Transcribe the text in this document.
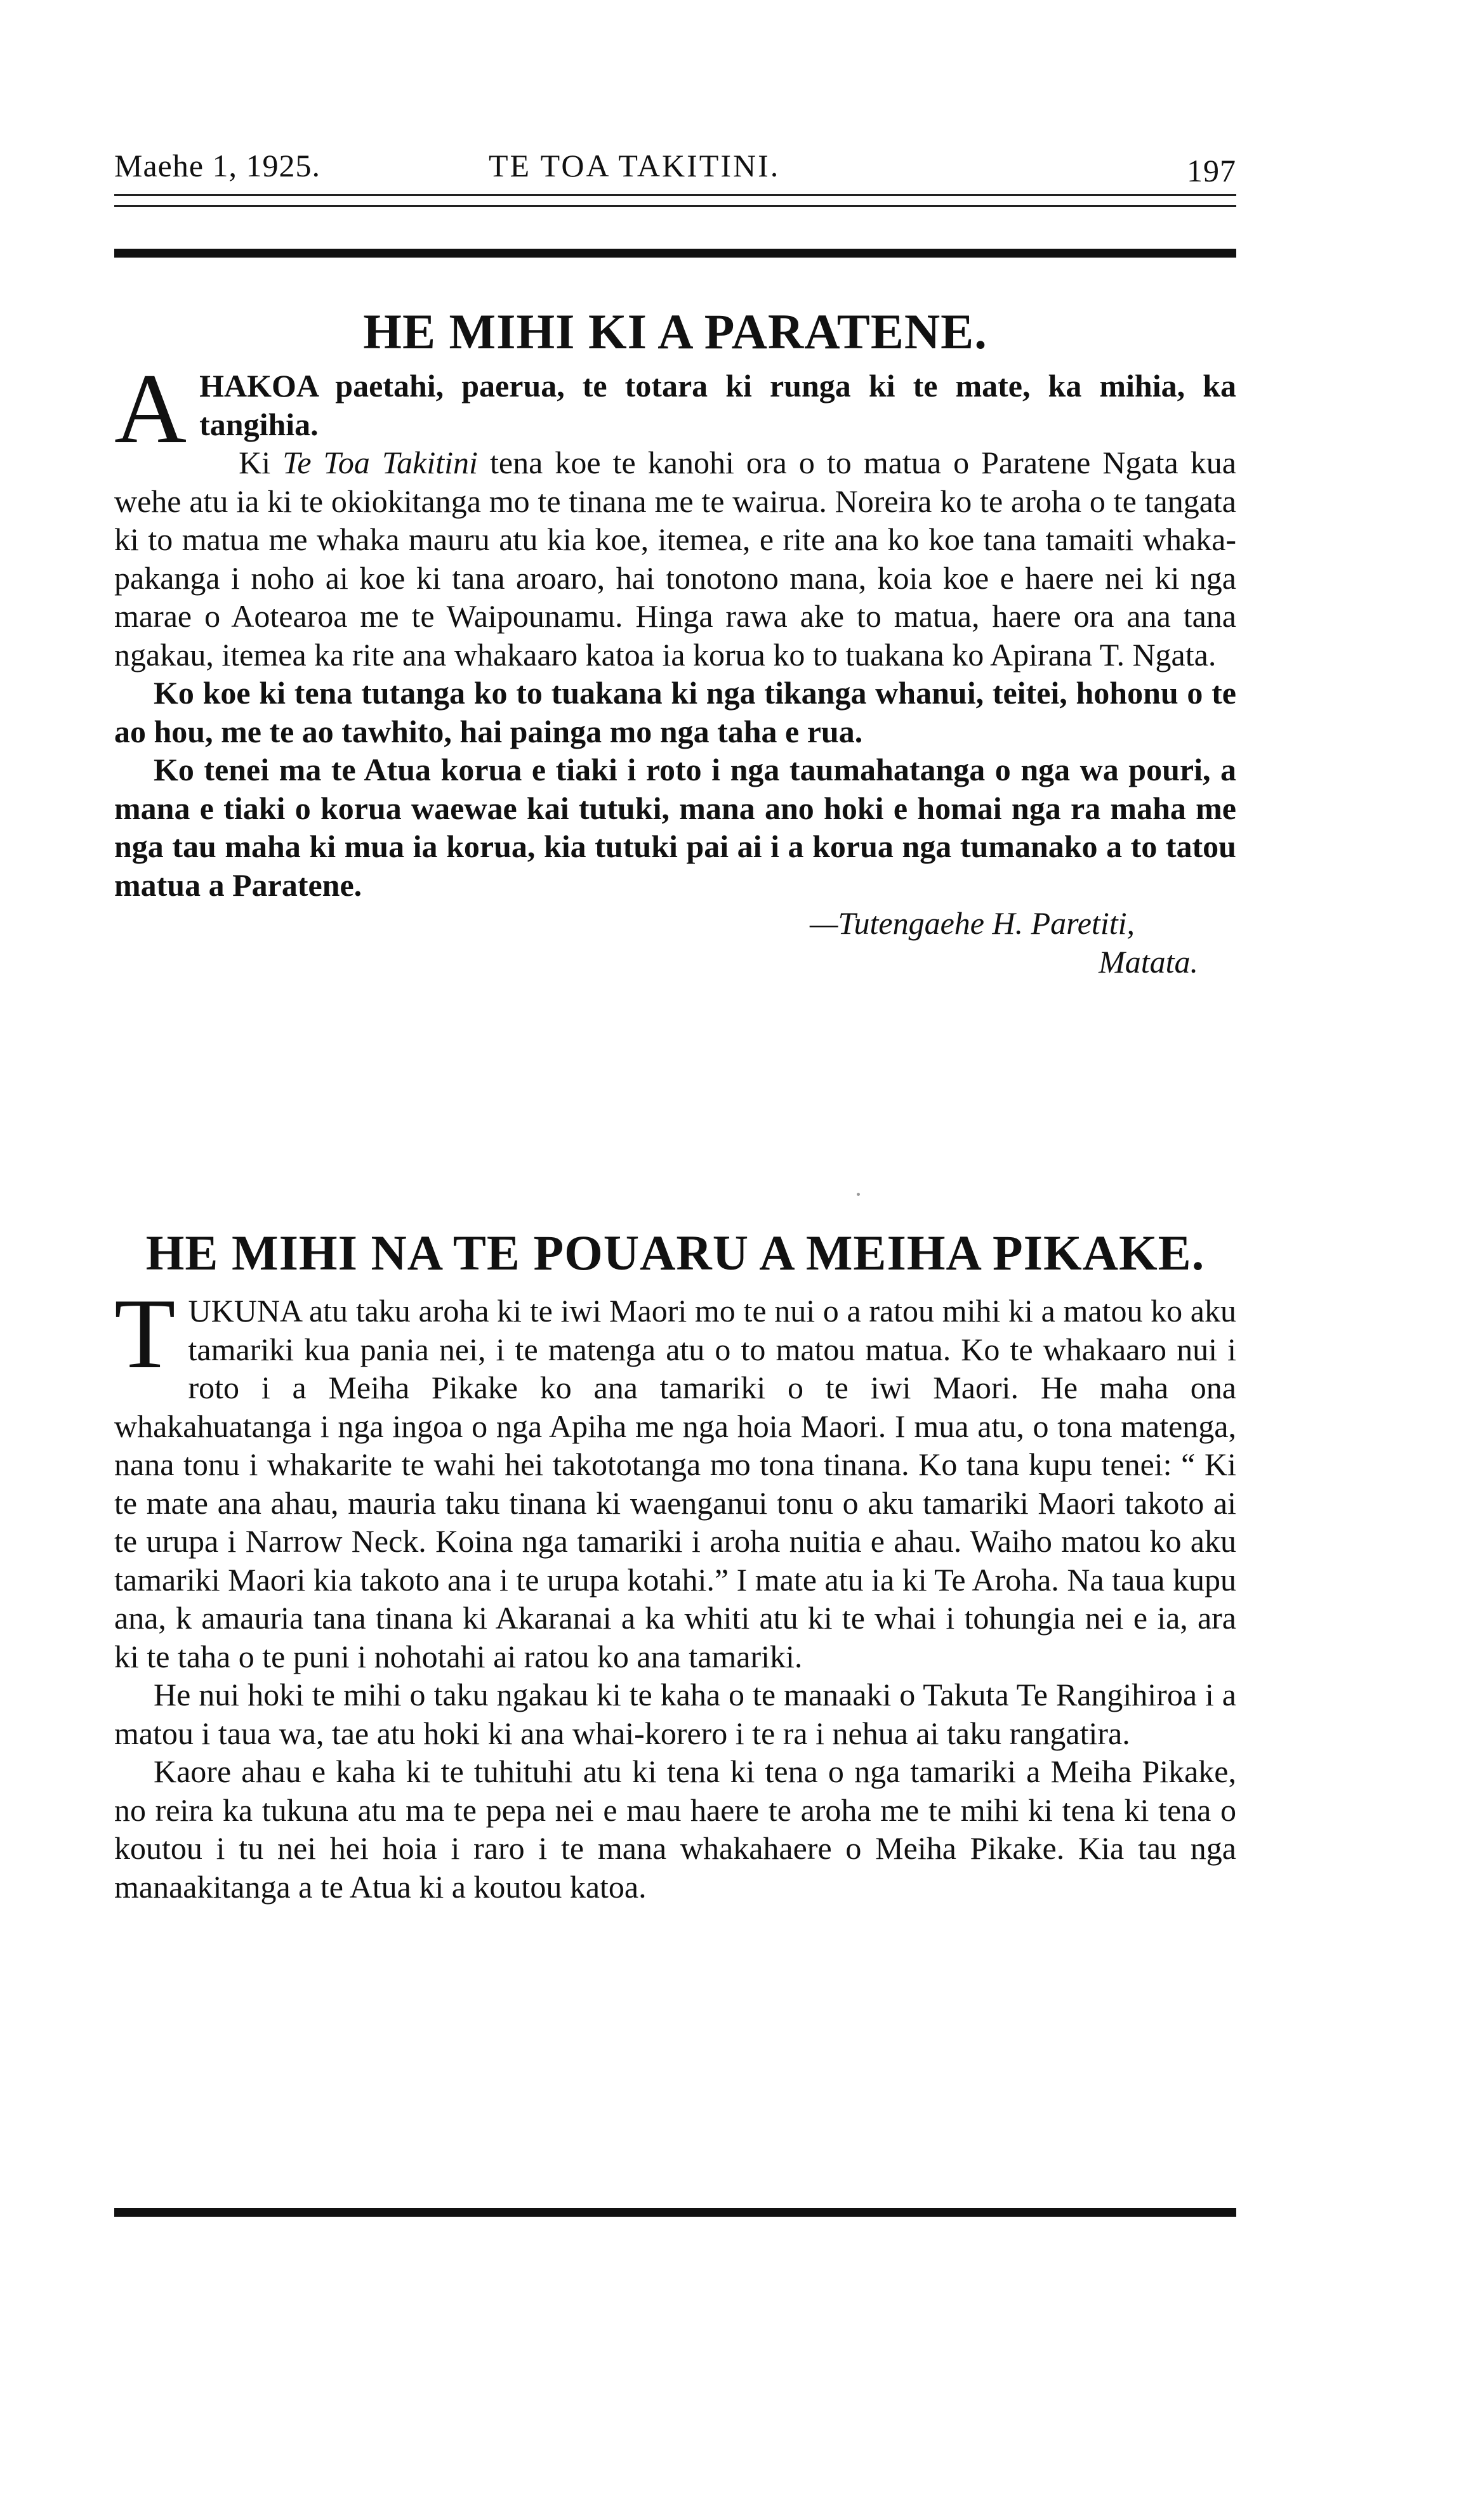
Maehe 1, 1925.	TE TOA TAKITINI.	197
HE MIHI KI A PARATENE.

AHAKOA paetahi, paerua, te totara ki runga ki te mate, ka mihia, ka tangihia.

Ki Te Toa Takitini tena koe te kanohi ora o to matua o Paratene Ngata kua wehe atu ia ki te okiokitanga mo te tinana me te wairua. Noreira ko te aroha o te tangata ki to matua me whaka mauru atu kia koe, itemea, e rite ana ko koe tana tamaiti whaka-pakanga i noho ai koe ki tana aroaro, hai tonotono mana, koia koe e haere nei ki nga marae o Aotearoa me te Waipounamu. Hinga rawa ake to matua, haere ora ana tana ngakau, itemea ka rite ana whakaaro katoa ia korua ko to tuakana ko Apirana T. Ngata.

Ko koe ki tena tutanga ko to tuakana ki nga tikanga whanui, teitei, hohonu o te ao hou, me te ao tawhito, hai painga mo nga taha e rua.

Ko tenei ma te Atua korua e tiaki i roto i nga taumahatanga o nga wa pouri, a mana e tiaki o korua waewae kai tutuki, mana ano hoki e homai nga ra maha me nga tau maha ki mua ia korua, kia tutuki pai ai i a korua nga tumanako a to tatou matua a Paratene.

—Tutengaehe H. Paretiti,
Matata.
HE MIHI NA TE POUARU A MEIHA PIKAKE.

TUKUNA atu taku aroha ki te iwi Maori mo te nui o a ratou mihi ki a matou ko aku tamariki kua pania nei, i te matenga atu o to matou matua. Ko te whakaaro nui i roto i a Meiha Pikake ko ana tamariki o te iwi Maori. He maha ona whakahuatanga i nga ingoa o nga Apiha me nga hoia Maori. I mua atu, o tona matenga, nana tonu i whakarite te wahi hei takototanga mo tona tinana. Ko tana kupu tenei: “ Ki te mate ana ahau, mauria taku tinana ki waenganui tonu o aku tamariki Maori takoto ai te urupa i Narrow Neck. Koina nga tamariki i aroha nuitia e ahau. Waiho matou ko aku tamariki Maori kia takoto ana i te urupa kotahi.” I mate atu ia ki Te Aroha. Na taua kupu ana, k amauria tana tinana ki Akaranai a ka whiti atu ki te whai i tohungia nei e ia, ara ki te taha o te puni i nohotahi ai ratou ko ana tamariki.

He nui hoki te mihi o taku ngakau ki te kaha o te manaaki o Takuta Te Rangihiroa i a matou i taua wa, tae atu hoki ki ana whai-korero i te ra i nehua ai taku rangatira.

Kaore ahau e kaha ki te tuhituhi atu ki tena ki tena o nga tamariki a Meiha Pikake, no reira ka tukuna atu ma te pepa nei e mau haere te aroha me te mihi ki tena ki tena o koutou i tu nei hei hoia i raro i te mana whakahaere o Meiha Pikake. Kia tau nga manaakitanga a te Atua ki a koutou katoa.
